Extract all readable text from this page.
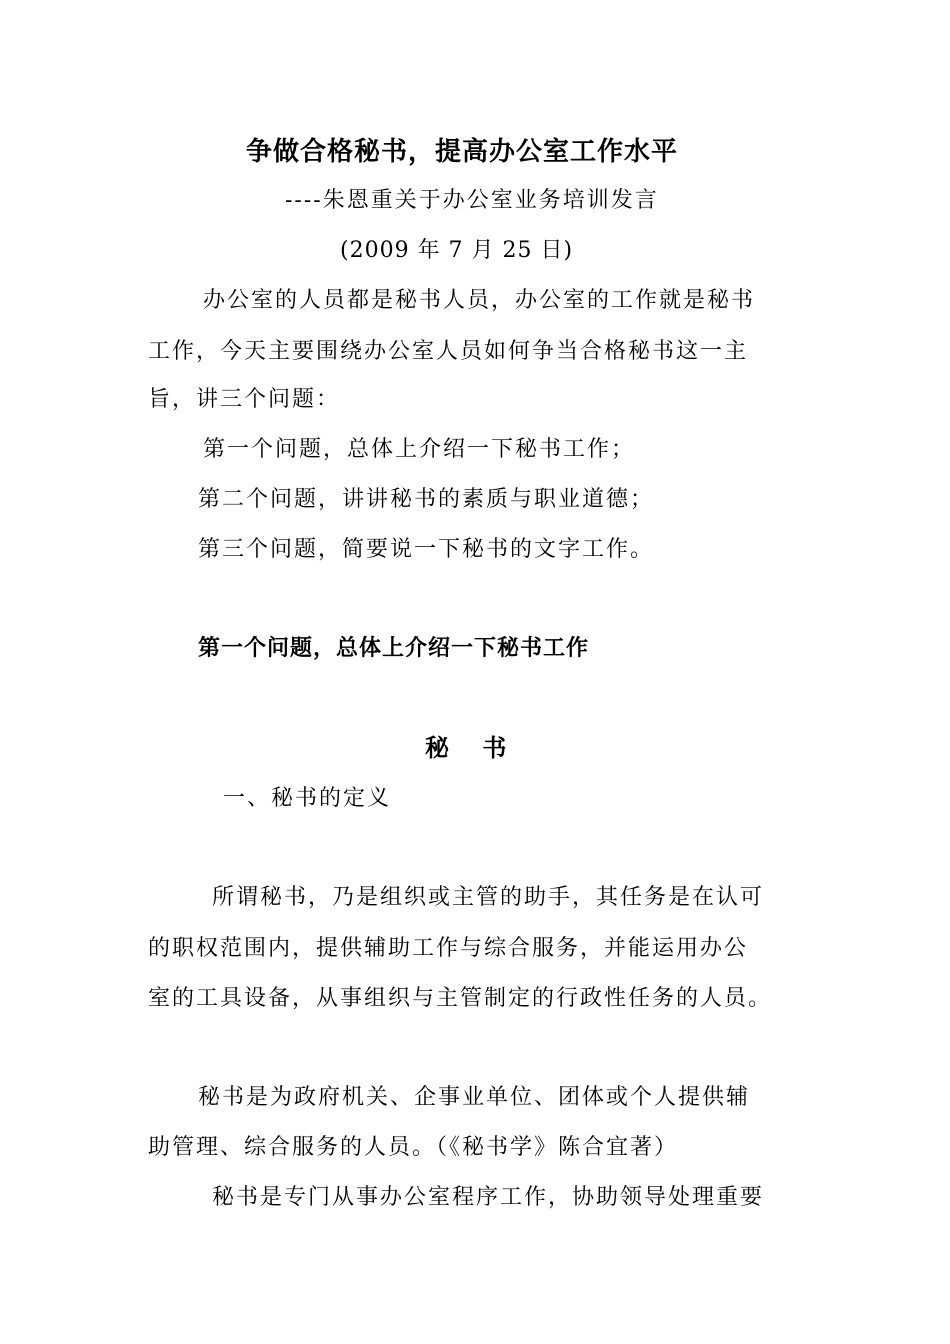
争做合格秘书，提高办公室工作水平
----朱恩重关于办公室业务培训发言
(2009 年 7 月 25 日)
办公室的人员都是秘书人员，办公室的工作就是秘书
工作，今天主要围绕办公室人员如何争当合格秘书这一主
旨，讲三个问题：
第一个问题，总体上介绍一下秘书工作；
第二个问题，讲讲秘书的素质与职业道德；
第三个问题，简要说一下秘书的文字工作。
第一个问题，总体上介绍一下秘书工作
秘    书
一、秘书的定义
所谓秘书，乃是组织或主管的助手，其任务是在认可
的职权范围内，提供辅助工作与综合服务，并能运用办公
室的工具设备，从事组织与主管制定的行政性任务的人员。
秘书是为政府机关、企事业单位、团体或个人提供辅
助管理、综合服务的人员。（《秘书学》陈合宜著）
秘书是专门从事办公室程序工作，协助领导处理重要
